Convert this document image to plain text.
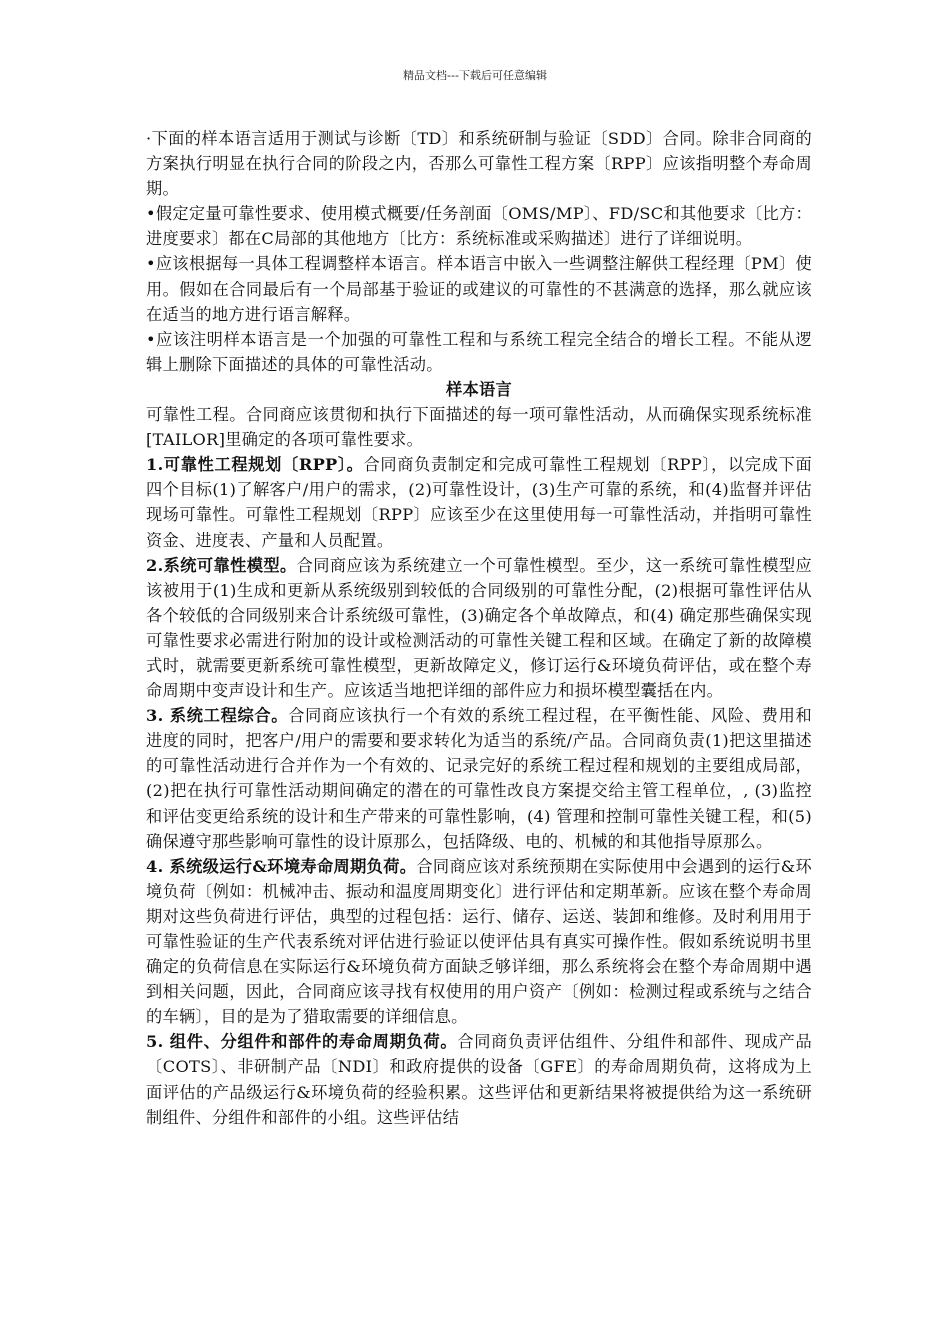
精品文档---下载后可任意编辑

·下面的样本语言适用于测试与诊断〔TD〕和系统研制与验证〔SDD〕合同。除非合同商的方案执行明显在执行合同的阶段之内，否那么可靠性工程方案〔RPP〕应该指明整个寿命周期。

•假定定量可靠性要求、使用模式概要/任务剖面〔OMS/MP〕、FD/SC和其他要求〔比方：进度要求〕都在C局部的其他地方〔比方：系统标准或采购描述〕进行了详细说明。

•应该根据每一具体工程调整样本语言。样本语言中嵌入一些调整注解供工程经理〔PM〕使用。假如在合同最后有一个局部基于验证的或建议的可靠性的不甚满意的选择，那么就应该在适当的地方进行语言解释。

•应该注明样本语言是一个加强的可靠性工程和与系统工程完全结合的增长工程。不能从逻辑上删除下面描述的具体的可靠性活动。

样本语言

可靠性工程。合同商应该贯彻和执行下面描述的每一项可靠性活动，从而确保实现系统标准[TAILOR]里确定的各项可靠性要求。

1.可靠性工程规划〔RPP〕。合同商负责制定和完成可靠性工程规划〔RPP〕，以完成下面四个目标(1)了解客户/用户的需求，(2)可靠性设计，(3)生产可靠的系统，和(4)监督并评估现场可靠性。可靠性工程规划〔RPP〕应该至少在这里使用每一可靠性活动，并指明可靠性资金、进度表、产量和人员配置。

2.系统可靠性模型。合同商应该为系统建立一个可靠性模型。至少，这一系统可靠性模型应该被用于(1)生成和更新从系统级别到较低的合同级别的可靠性分配，(2)根据可靠性评估从各个较低的合同级别来合计系统级可靠性，(3)确定各个单故障点，和(4) 确定那些确保实现可靠性要求必需进行附加的设计或检测活动的可靠性关键工程和区域。在确定了新的故障模式时，就需要更新系统可靠性模型，更新故障定义，修订运行&环境负荷评估，或在整个寿命周期中变声设计和生产。应该适当地把详细的部件应力和损坏模型囊括在内。

3. 系统工程综合。合同商应该执行一个有效的系统工程过程，在平衡性能、风险、费用和进度的同时，把客户/用户的需要和要求转化为适当的系统/产品。合同商负责(1)把这里描述的可靠性活动进行合并作为一个有效的、记录完好的系统工程过程和规划的主要组成局部，(2)把在执行可靠性活动期间确定的潜在的可靠性改良方案提交给主管工程单位，, (3)监控和评估变更给系统的设计和生产带来的可靠性影响，(4) 管理和控制可靠性关键工程，和(5)确保遵守那些影响可靠性的设计原那么，包括降级、电的、机械的和其他指导原那么。

4. 系统级运行&环境寿命周期负荷。合同商应该对系统预期在实际使用中会遇到的运行&环境负荷〔例如：机械冲击、振动和温度周期变化〕进行评估和定期革新。应该在整个寿命周期对这些负荷进行评估，典型的过程包括：运行、储存、运送、装卸和维修。及时利用用于可靠性验证的生产代表系统对评估进行验证以使评估具有真实可操作性。假如系统说明书里确定的负荷信息在实际运行&环境负荷方面缺乏够详细，那么系统将会在整个寿命周期中遇到相关问题，因此，合同商应该寻找有权使用的用户资产〔例如：检测过程或系统与之结合的车辆〕，目的是为了猎取需要的详细信息。

5. 组件、分组件和部件的寿命周期负荷。合同商负责评估组件、分组件和部件、现成产品〔COTS〕、非研制产品〔NDI〕和政府提供的设备〔GFE〕的寿命周期负荷，这将成为上面评估的产品级运行&环境负荷的经验积累。这些评估和更新结果将被提供给为这一系统研制组件、分组件和部件的小组。这些评估结
